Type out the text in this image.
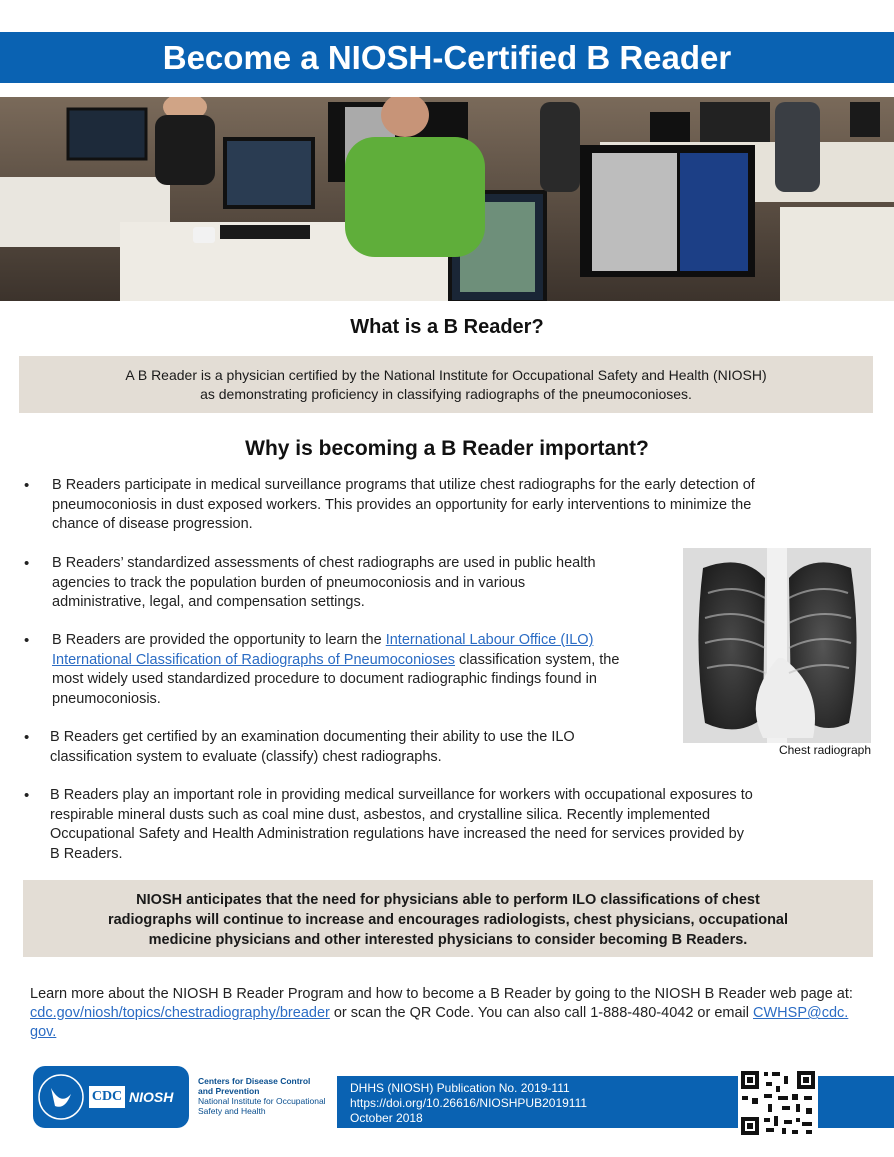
Become a NIOSH-Certified B Reader
What is a B Reader?
A B Reader is a physician certified by the National Institute for Occupational Safety and Health (NIOSH)
as demonstrating proficiency in classifying radiographs of the pneumoconioses.
Why is becoming a B Reader important?
• B Readers participate in medical surveillance programs that utilize chest radiographs for the early detection of
pneumoconiosis in dust exposed workers. This provides an opportunity for early interventions to minimize the
chance of disease progression.
• B Readers’ standardized assessments of chest radiographs are used in public health
agencies to track the population burden of pneumoconiosis and in various
administrative, legal, and compensation settings.
• B Readers are provided the opportunity to learn the International Labour Office (ILO)
International Classification of Radiographs of Pneumoconioses classification system, the
most widely used standardized procedure to document radiographic findings found in
pneumoconiosis.
• B Readers get certified by an examination documenting their ability to use the ILO
classification system to evaluate (classify) chest radiographs.
• B Readers play an important role in providing medical surveillance for workers with occupational exposures to
respirable mineral dusts such as coal mine dust, asbestos, and crystalline silica. Recently implemented
Occupational Safety and Health Administration regulations have increased the need for services provided by
B Readers.
Chest radiograph
NIOSH anticipates that the need for physicians able to perform ILO classifications of chest
radiographs will continue to increase and encourages radiologists, chest physicians, occupational
medicine physicians and other interested physicians to consider becoming B Readers.
Learn more about the NIOSH B Reader Program and how to become a B Reader by going to the NIOSH B Reader web page at:
cdc.gov/niosh/topics/chestradiography/breader or scan the QR Code. You can also call 1-888-480-4042 or email CWHSP@cdc.
gov.
CDC NIOSH
Centers for Disease Control
and Prevention
National Institute for Occupational
Safety and Health
DHHS (NIOSH) Publication No. 2019-111
https://doi.org/10.26616/NIOSHPUB2019111
October 2018
